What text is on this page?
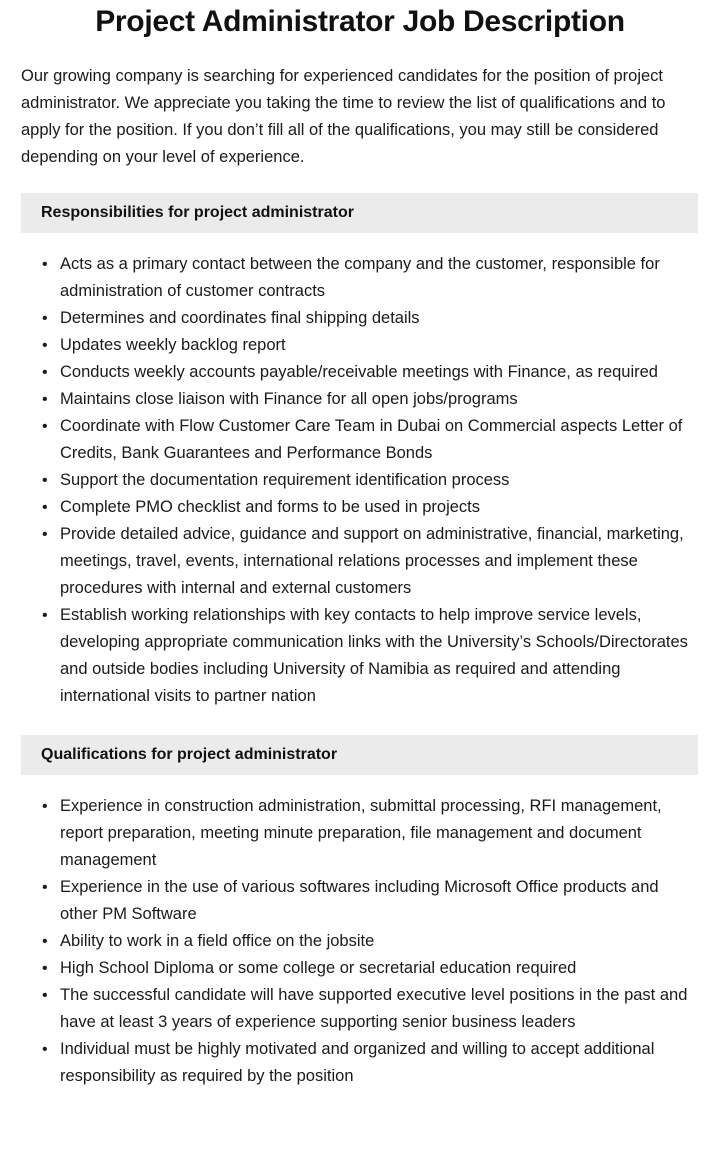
Project Administrator Job Description

Our growing company is searching for experienced candidates for the position of project administrator. We appreciate you taking the time to review the list of qualifications and to apply for the position. If you don’t fill all of the qualifications, you may still be considered depending on your level of experience.

Responsibilities for project administrator
• Acts as a primary contact between the company and the customer, responsible for administration of customer contracts
• Determines and coordinates final shipping details
• Updates weekly backlog report
• Conducts weekly accounts payable/receivable meetings with Finance, as required
• Maintains close liaison with Finance for all open jobs/programs
• Coordinate with Flow Customer Care Team in Dubai on Commercial aspects Letter of Credits, Bank Guarantees and Performance Bonds
• Support the documentation requirement identification process
• Complete PMO checklist and forms to be used in projects
• Provide detailed advice, guidance and support on administrative, financial, marketing, meetings, travel, events, international relations processes and implement these procedures with internal and external customers
• Establish working relationships with key contacts to help improve service levels, developing appropriate communication links with the University’s Schools/Directorates and outside bodies including University of Namibia as required and attending international visits to partner nation
Qualifications for project administrator
• Experience in construction administration, submittal processing, RFI management, report preparation, meeting minute preparation, file management and document management
• Experience in the use of various softwares including Microsoft Office products and other PM Software
• Ability to work in a field office on the jobsite
• High School Diploma or some college or secretarial education required
• The successful candidate will have supported executive level positions in the past and have at least 3 years of experience supporting senior business leaders
• Individual must be highly motivated and organized and willing to accept additional responsibility as required by the position
